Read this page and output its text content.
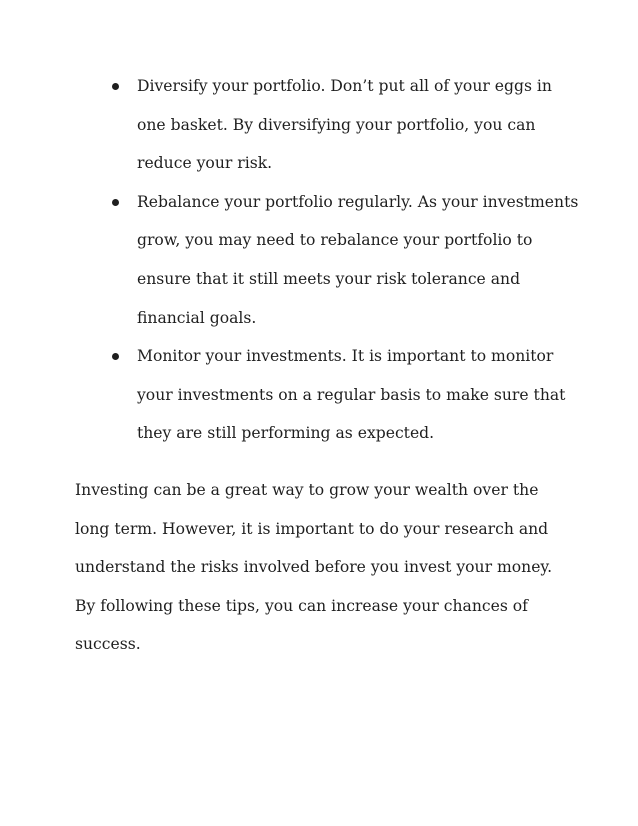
Diversify your portfolio. Don’t put all of your eggs in one basket. By diversifying your portfolio, you can reduce your risk.
Rebalance your portfolio regularly. As your investments grow, you may need to rebalance your portfolio to ensure that it still meets your risk tolerance and financial goals.
Monitor your investments. It is important to monitor your investments on a regular basis to make sure that they are still performing as expected.

Investing can be a great way to grow your wealth over the long term. However, it is important to do your research and understand the risks involved before you invest your money. By following these tips, you can increase your chances of success.
